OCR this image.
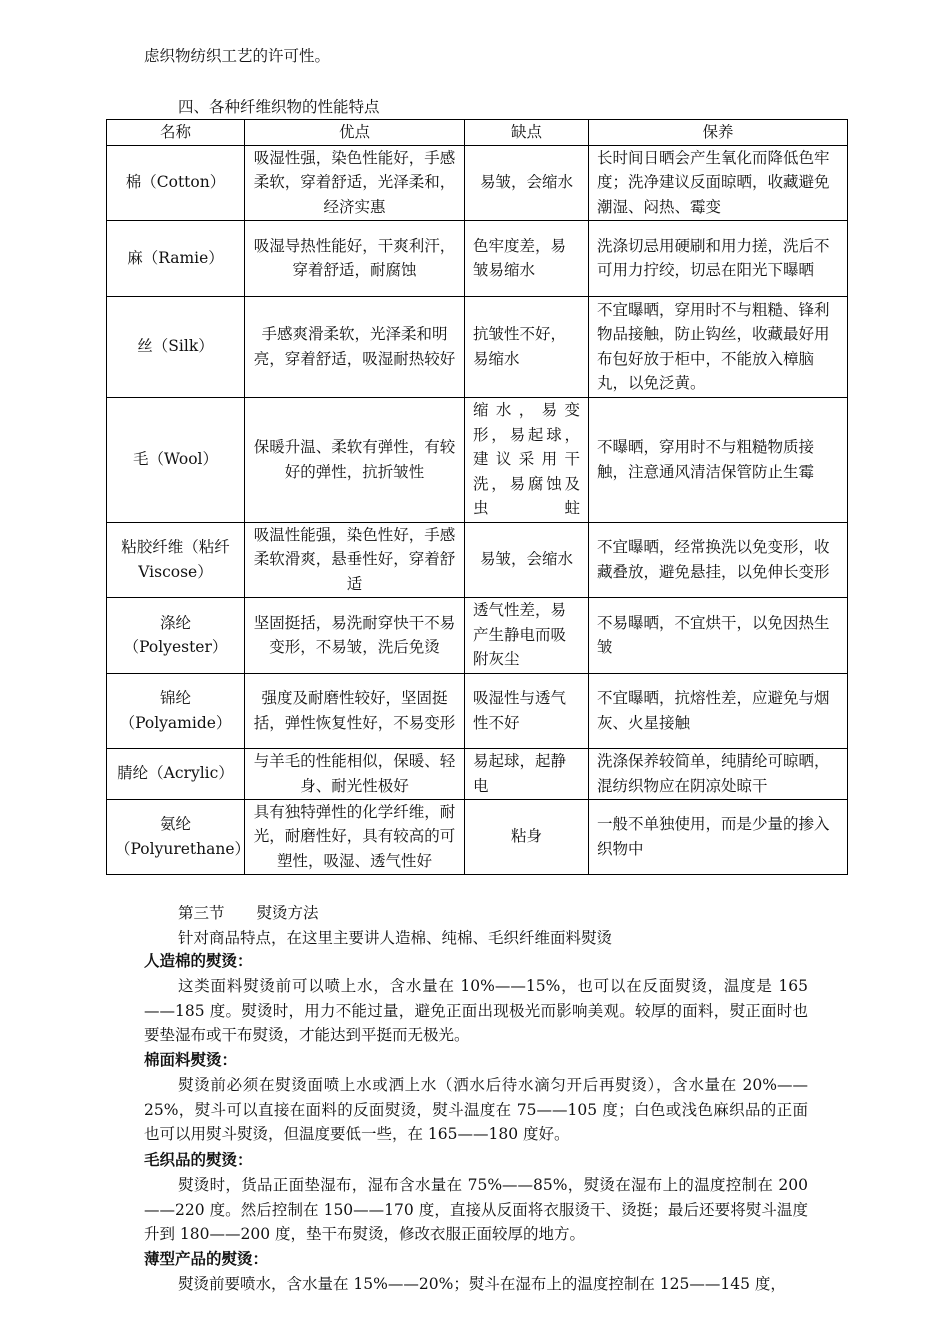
虑织物纺织工艺的许可性。
四、各种纤维织物的性能特点
名称	优点	缺点	保养
棉（Cotton）	吸湿性强，染色性能好，手感柔软，穿着舒适，光泽柔和，经济实惠	易皱，会缩水	长时间日晒会产生氧化而降低色牢度；洗净建议反面晾晒，收藏避免潮湿、闷热、霉变
麻（Ramie）	吸湿导热性能好，干爽利汗，穿着舒适，耐腐蚀	色牢度差，易皱易缩水	洗涤切忌用硬刷和用力搓，洗后不可用力拧绞，切忌在阳光下曝晒
丝（Silk）	手感爽滑柔软，光泽柔和明亮，穿着舒适，吸湿耐热较好	抗皱性不好，易缩水	不宜曝晒，穿用时不与粗糙、锋利物品接触，防止钩丝，收藏最好用布包好放于柜中，不能放入樟脑丸，以免泛黄。
毛（Wool）	保暖升温、柔软有弹性，有较好的弹性，抗折皱性	缩水，易变形，易起球，建议采用干洗，易腐蚀及虫蛀	不曝晒，穿用时不与粗糙物质接触，注意通风清洁保管防止生霉
粘胶纤维（粘纤Viscose）	吸温性能强，染色性好，手感柔软滑爽，悬垂性好，穿着舒适	易皱，会缩水	不宜曝晒，经常换洗以免变形，收藏叠放，避免悬挂，以免伸长变形
涤纶（Polyester）	坚固挺括，易洗耐穿快干不易变形，不易皱，洗后免烫	透气性差，易产生静电而吸附灰尘	不易曝晒，不宜烘干，以免因热生皱
锦纶（Polyamide）	强度及耐磨性较好，坚固挺括，弹性恢复性好，不易变形	吸湿性与透气性不好	不宜曝晒，抗熔性差，应避免与烟灰、火星接触
腈纶（Acrylic）	与羊毛的性能相似，保暖、轻身、耐光性极好	易起球，起静电	洗涤保养较简单，纯腈纶可晾晒，混纺织物应在阴凉处晾干
氨纶（Polyurethane）	具有独特弹性的化学纤维，耐光，耐磨性好，具有较高的可塑性，吸湿、透气性好	粘身	一般不单独使用，而是少量的掺入织物中
第三节 熨烫方法
针对商品特点，在这里主要讲人造棉、纯棉、毛织纤维面料熨烫
人造棉的熨烫：

这类面料熨烫前可以喷上水，含水量在 10%——15%，也可以在反面熨烫，温度是 165——185 度。熨烫时，用力不能过量，避免正面出现极光而影响美观。较厚的面料，熨正面时也要垫湿布或干布熨烫，才能达到平挺而无极光。

棉面料熨烫：

熨烫前必须在熨烫面喷上水或洒上水（洒水后待水滴匀开后再熨烫），含水量在 20%——25%，熨斗可以直接在面料的反面熨烫，熨斗温度在 75——105 度；白色或浅色麻织品的正面也可以用熨斗熨烫，但温度要低一些，在 165——180 度好。

毛织品的熨烫：

熨烫时，货品正面垫湿布，湿布含水量在 75%——85%，熨烫在湿布上的温度控制在 200——220 度。然后控制在 150——170 度，直接从反面将衣服烫干、烫挺；最后还要将熨斗温度升到 180——200 度，垫干布熨烫，修改衣服正面较厚的地方。

薄型产品的熨烫：

熨烫前要喷水，含水量在 15%——20%；熨斗在湿布上的温度控制在 125——145 度，
